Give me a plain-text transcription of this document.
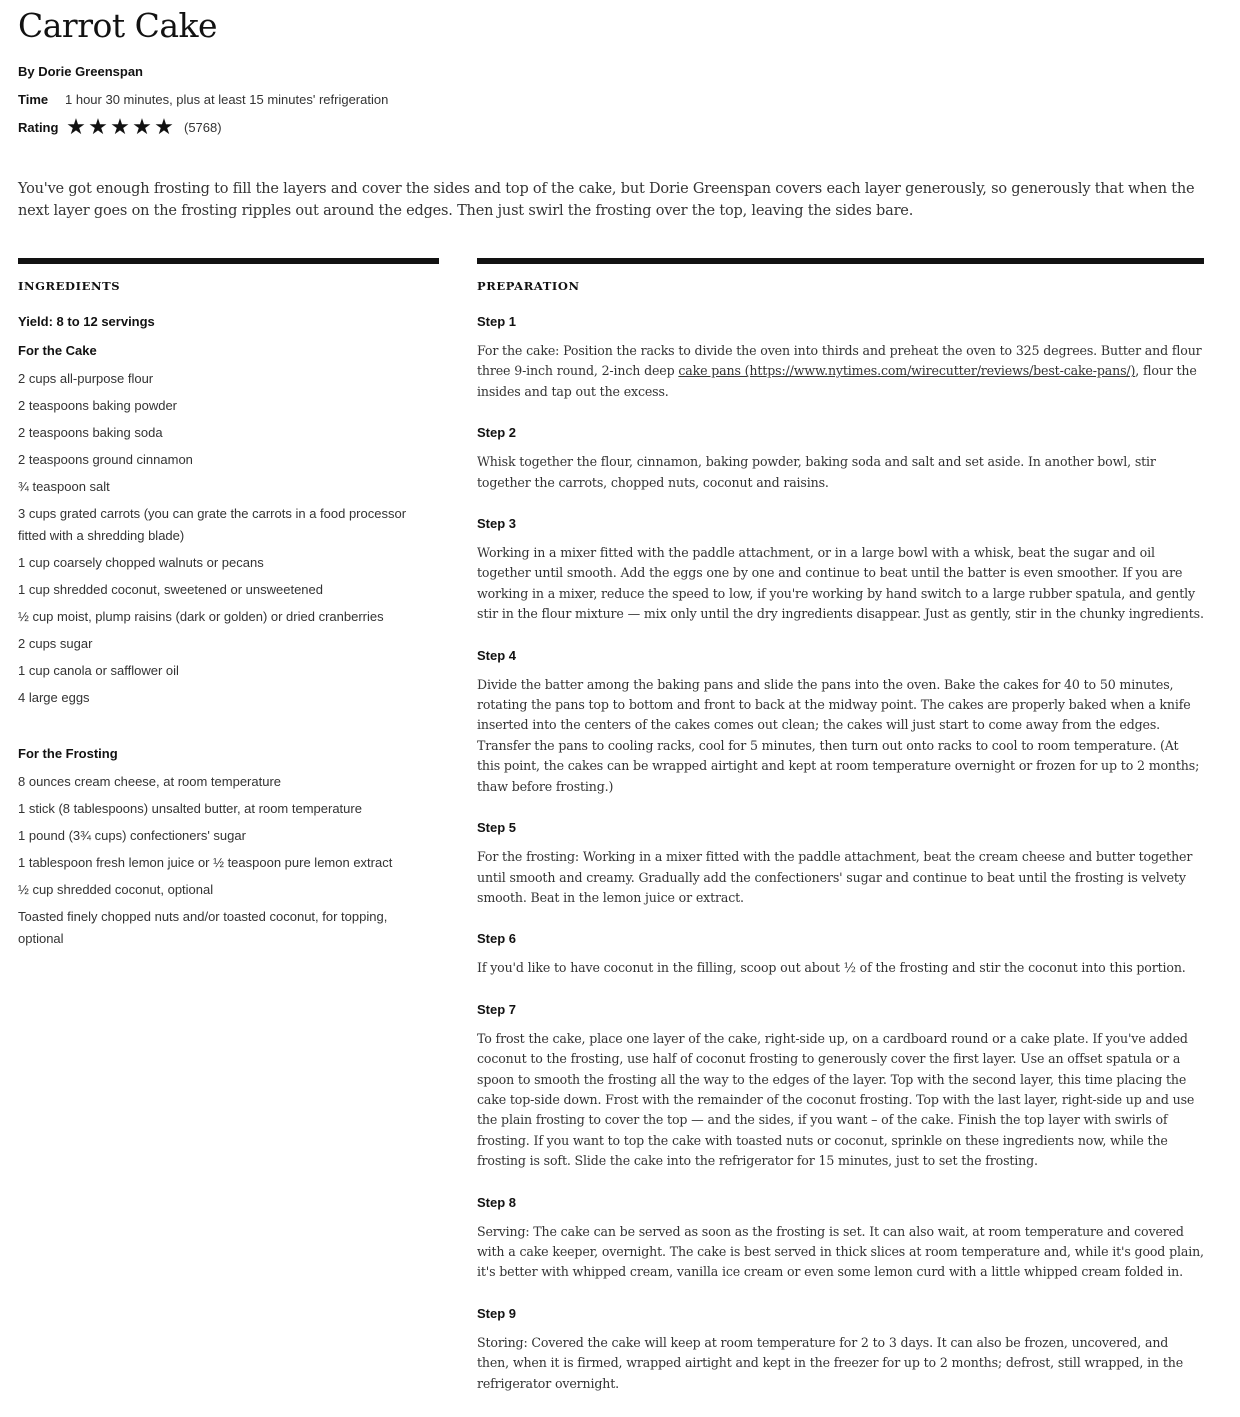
Carrot Cake
By Dorie Greenspan
Time	1 hour 30 minutes, plus at least 15 minutes' refrigeration
Rating ★ ★ ★ ★ ★ (5768)

You've got enough frosting to fill the layers and cover the sides and top of the cake, but Dorie Greenspan covers each layer generously, so generously that when the next layer goes on the frosting ripples out around the edges. Then just swirl the frosting over the top, leaving the sides bare.

INGREDIENTS
Yield: 8 to 12 servings
For the Cake
2 cups all-purpose flour
2 teaspoons baking powder
2 teaspoons baking soda
2 teaspoons ground cinnamon
¾ teaspoon salt
3 cups grated carrots (you can grate the carrots in a food processor fitted with a shredding blade)
1 cup coarsely chopped walnuts or pecans
1 cup shredded coconut, sweetened or unsweetened
½ cup moist, plump raisins (dark or golden) or dried cranberries
2 cups sugar
1 cup canola or safflower oil
4 large eggs
For the Frosting
8 ounces cream cheese, at room temperature
1 stick (8 tablespoons) unsalted butter, at room temperature
1 pound (3¾ cups) confectioners' sugar
1 tablespoon fresh lemon juice or ½ teaspoon pure lemon extract
½ cup shredded coconut, optional
Toasted finely chopped nuts and/or toasted coconut, for topping, optional
PREPARATION
Step 1

For the cake: Position the racks to divide the oven into thirds and preheat the oven to 325 degrees. Butter and flour three 9-inch round, 2-inch deep cake pans (https://www.nytimes.com/wirecutter/reviews/best-cake-pans/), flour the insides and tap out the excess.

Step 2

Whisk together the flour, cinnamon, baking powder, baking soda and salt and set aside. In another bowl, stir together the carrots, chopped nuts, coconut and raisins.

Step 3

Working in a mixer fitted with the paddle attachment, or in a large bowl with a whisk, beat the sugar and oil together until smooth. Add the eggs one by one and continue to beat until the batter is even smoother. If you are working in a mixer, reduce the speed to low, if you're working by hand switch to a large rubber spatula, and gently stir in the flour mixture — mix only until the dry ingredients disappear. Just as gently, stir in the chunky ingredients.

Step 4

Divide the batter among the baking pans and slide the pans into the oven. Bake the cakes for 40 to 50 minutes, rotating the pans top to bottom and front to back at the midway point. The cakes are properly baked when a knife inserted into the centers of the cakes comes out clean; the cakes will just start to come away from the edges. Transfer the pans to cooling racks, cool for 5 minutes, then turn out onto racks to cool to room temperature. (At this point, the cakes can be wrapped airtight and kept at room temperature overnight or frozen for up to 2 months; thaw before frosting.)

Step 5

For the frosting: Working in a mixer fitted with the paddle attachment, beat the cream cheese and butter together until smooth and creamy. Gradually add the confectioners' sugar and continue to beat until the frosting is velvety smooth. Beat in the lemon juice or extract.

Step 6

If you'd like to have coconut in the filling, scoop out about ½ of the frosting and stir the coconut into this portion.

Step 7

To frost the cake, place one layer of the cake, right-side up, on a cardboard round or a cake plate. If you've added coconut to the frosting, use half of coconut frosting to generously cover the first layer. Use an offset spatula or a spoon to smooth the frosting all the way to the edges of the layer. Top with the second layer, this time placing the cake top-side down. Frost with the remainder of the coconut frosting. Top with the last layer, right-side up and use the plain frosting to cover the top — and the sides, if you want – of the cake. Finish the top layer with swirls of frosting. If you want to top the cake with toasted nuts or coconut, sprinkle on these ingredients now, while the frosting is soft. Slide the cake into the refrigerator for 15 minutes, just to set the frosting.

Step 8

Serving: The cake can be served as soon as the frosting is set. It can also wait, at room temperature and covered with a cake keeper, overnight. The cake is best served in thick slices at room temperature and, while it's good plain, it's better with whipped cream, vanilla ice cream or even some lemon curd with a little whipped cream folded in.

Step 9

Storing: Covered the cake will keep at room temperature for 2 to 3 days. It can also be frozen, uncovered, and then, when it is firmed, wrapped airtight and kept in the freezer for up to 2 months; defrost, still wrapped, in the refrigerator overnight.
